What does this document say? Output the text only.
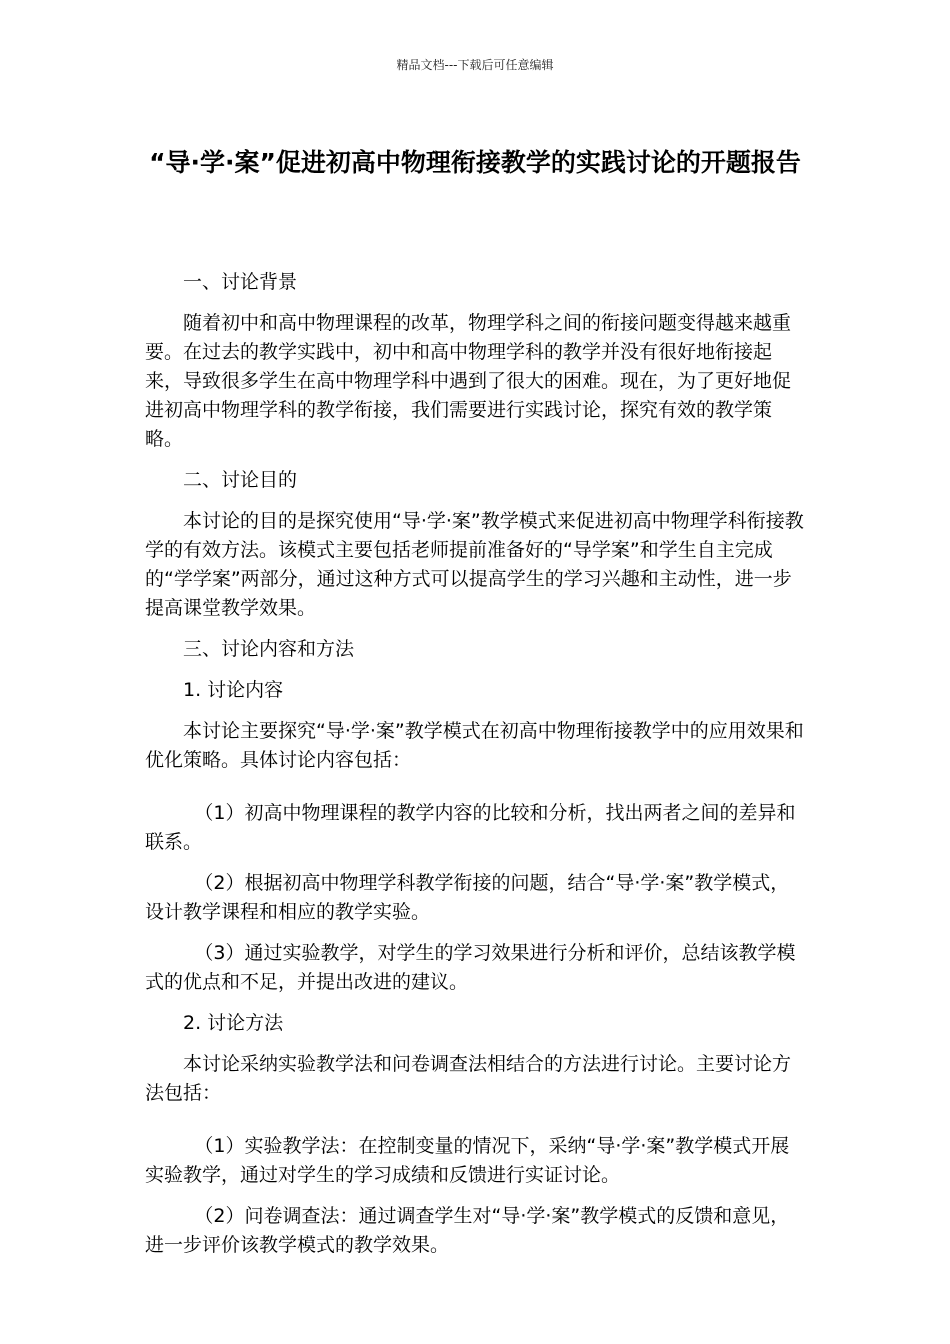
精品文档---下载后可任意编辑
“导·学·案”促进初高中物理衔接教学的实践讨论的开题报告

一、讨论背景

随着初中和高中物理课程的改革，物理学科之间的衔接问题变得越来越重要。在过去的教学实践中，初中和高中物理学科的教学并没有很好地衔接起来，导致很多学生在高中物理学科中遇到了很大的困难。现在，为了更好地促进初高中物理学科的教学衔接，我们需要进行实践讨论，探究有效的教学策略。

二、讨论目的

本讨论的目的是探究使用“导·学·案”教学模式来促进初高中物理学科衔接教学的有效方法。该模式主要包括老师提前准备好的“导学案”和学生自主完成的“学学案”两部分，通过这种方式可以提高学生的学习兴趣和主动性，进一步提高课堂教学效果。

三、讨论内容和方法

1. 讨论内容

本讨论主要探究“导·学·案”教学模式在初高中物理衔接教学中的应用效果和优化策略。具体讨论内容包括：

（1）初高中物理课程的教学内容的比较和分析，找出两者之间的差异和联系。

（2）根据初高中物理学科教学衔接的问题，结合“导·学·案”教学模式，设计教学课程和相应的教学实验。

（3）通过实验教学，对学生的学习效果进行分析和评价，总结该教学模式的优点和不足，并提出改进的建议。

2. 讨论方法

本讨论采纳实验教学法和问卷调查法相结合的方法进行讨论。主要讨论方法包括：

（1）实验教学法：在控制变量的情况下，采纳“导·学·案”教学模式开展实验教学，通过对学生的学习成绩和反馈进行实证讨论。

（2）问卷调查法：通过调查学生对“导·学·案”教学模式的反馈和意见，进一步评价该教学模式的教学效果。
